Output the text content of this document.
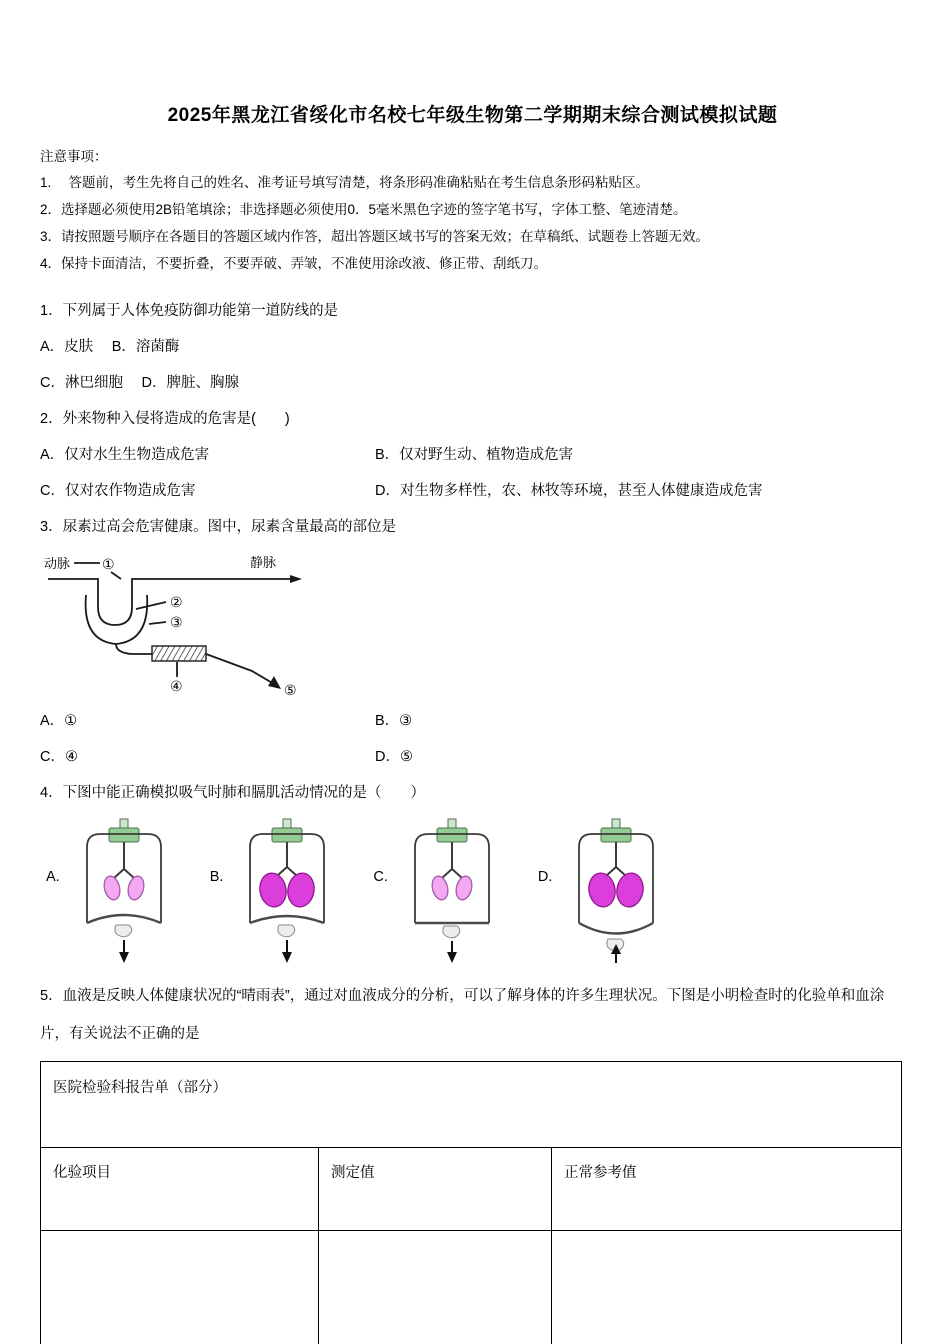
2025年黑龙江省绥化市名校七年级生物第二学期期末综合测试模拟试题
注意事项：
1.　 答题前，考生先将自己的姓名、准考证号填写清楚，将条形码准确粘贴在考生信息条形码粘贴区。
2．选择题必须使用2B铅笔填涂；非选择题必须使用0．5毫米黑色字迹的签字笔书写，字体工整、笔迹清楚。
3．请按照题号顺序在各题目的答题区域内作答，超出答题区域书写的答案无效；在草稿纸、试题卷上答题无效。
4．保持卡面清洁，不要折叠，不要弄破、弄皱，不准使用涂改液、修正带、刮纸刀。
1．下列属于人体免疫防御功能第一道防线的是
A．皮肤　 B．溶菌酶
C．淋巴细胞　 D．脾脏、胸腺
2．外来物种入侵将造成的危害是(　　)
A．仅对水生生物造成危害	B．仅对野生动、植物造成危害
C．仅对农作物造成危害	D．对生物多样性，农、林牧等环境，甚至人体健康造成危害
3．尿素过高会危害健康。图中，尿素含量最高的部位是
动脉	静脉
①
②
③
④	⑤
A．①	B．③
C．④	D．⑤
4．下图中能正确模拟吸气时肺和膈肌活动情况的是（　　）
A.	B.	C.	D.
5．血液是反映人体健康状况的“晴雨表”，通过对血液成分的分析，可以了解身体的许多生理状况。下图是小明检查时的化验单和血涂片，有关说法不正确的是
医院检验科报告单（部分）		
化验项目	测定值	正常参考值
